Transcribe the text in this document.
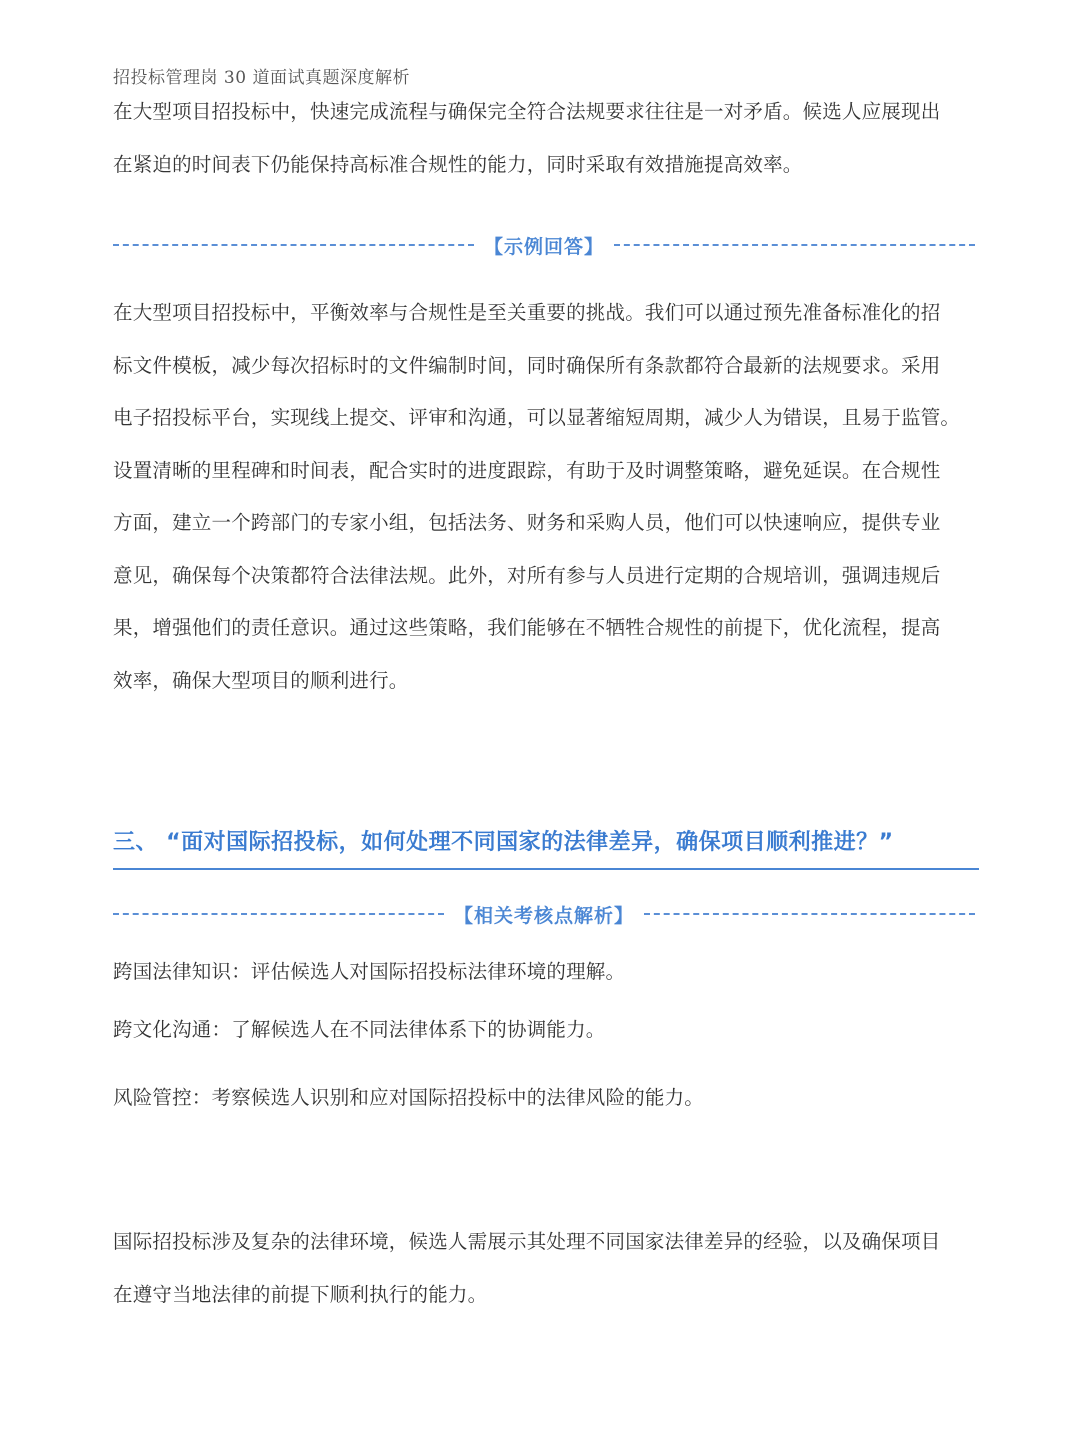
招投标管理岗 30 道面试真题深度解析

在大型项目招投标中，快速完成流程与确保完全符合法规要求往往是一对矛盾。候选人应展现出
在紧迫的时间表下仍能保持高标准合规性的能力，同时采取有效措施提高效率。

【示例回答】

在大型项目招投标中，平衡效率与合规性是至关重要的挑战。我们可以通过预先准备标准化的招
标文件模板，减少每次招标时的文件编制时间，同时确保所有条款都符合最新的法规要求。采用
电子招投标平台，实现线上提交、评审和沟通，可以显著缩短周期，减少人为错误，且易于监管。
设置清晰的里程碑和时间表，配合实时的进度跟踪，有助于及时调整策略，避免延误。在合规性
方面，建立一个跨部门的专家小组，包括法务、财务和采购人员，他们可以快速响应，提供专业
意见，确保每个决策都符合法律法规。此外，对所有参与人员进行定期的合规培训，强调违规后
果，增强他们的责任意识。通过这些策略，我们能够在不牺牲合规性的前提下，优化流程，提高
效率，确保大型项目的顺利进行。

三、 “面对国际招投标，如何处理不同国家的法律差异，确保项目顺利推进？”
【相关考核点解析】

跨国法律知识：评估候选人对国际招投标法律环境的理解。

跨文化沟通：了解候选人在不同法律体系下的协调能力。

风险管控：考察候选人识别和应对国际招投标中的法律风险的能力。

国际招投标涉及复杂的法律环境，候选人需展示其处理不同国家法律差异的经验，以及确保项目
在遵守当地法律的前提下顺利执行的能力。
